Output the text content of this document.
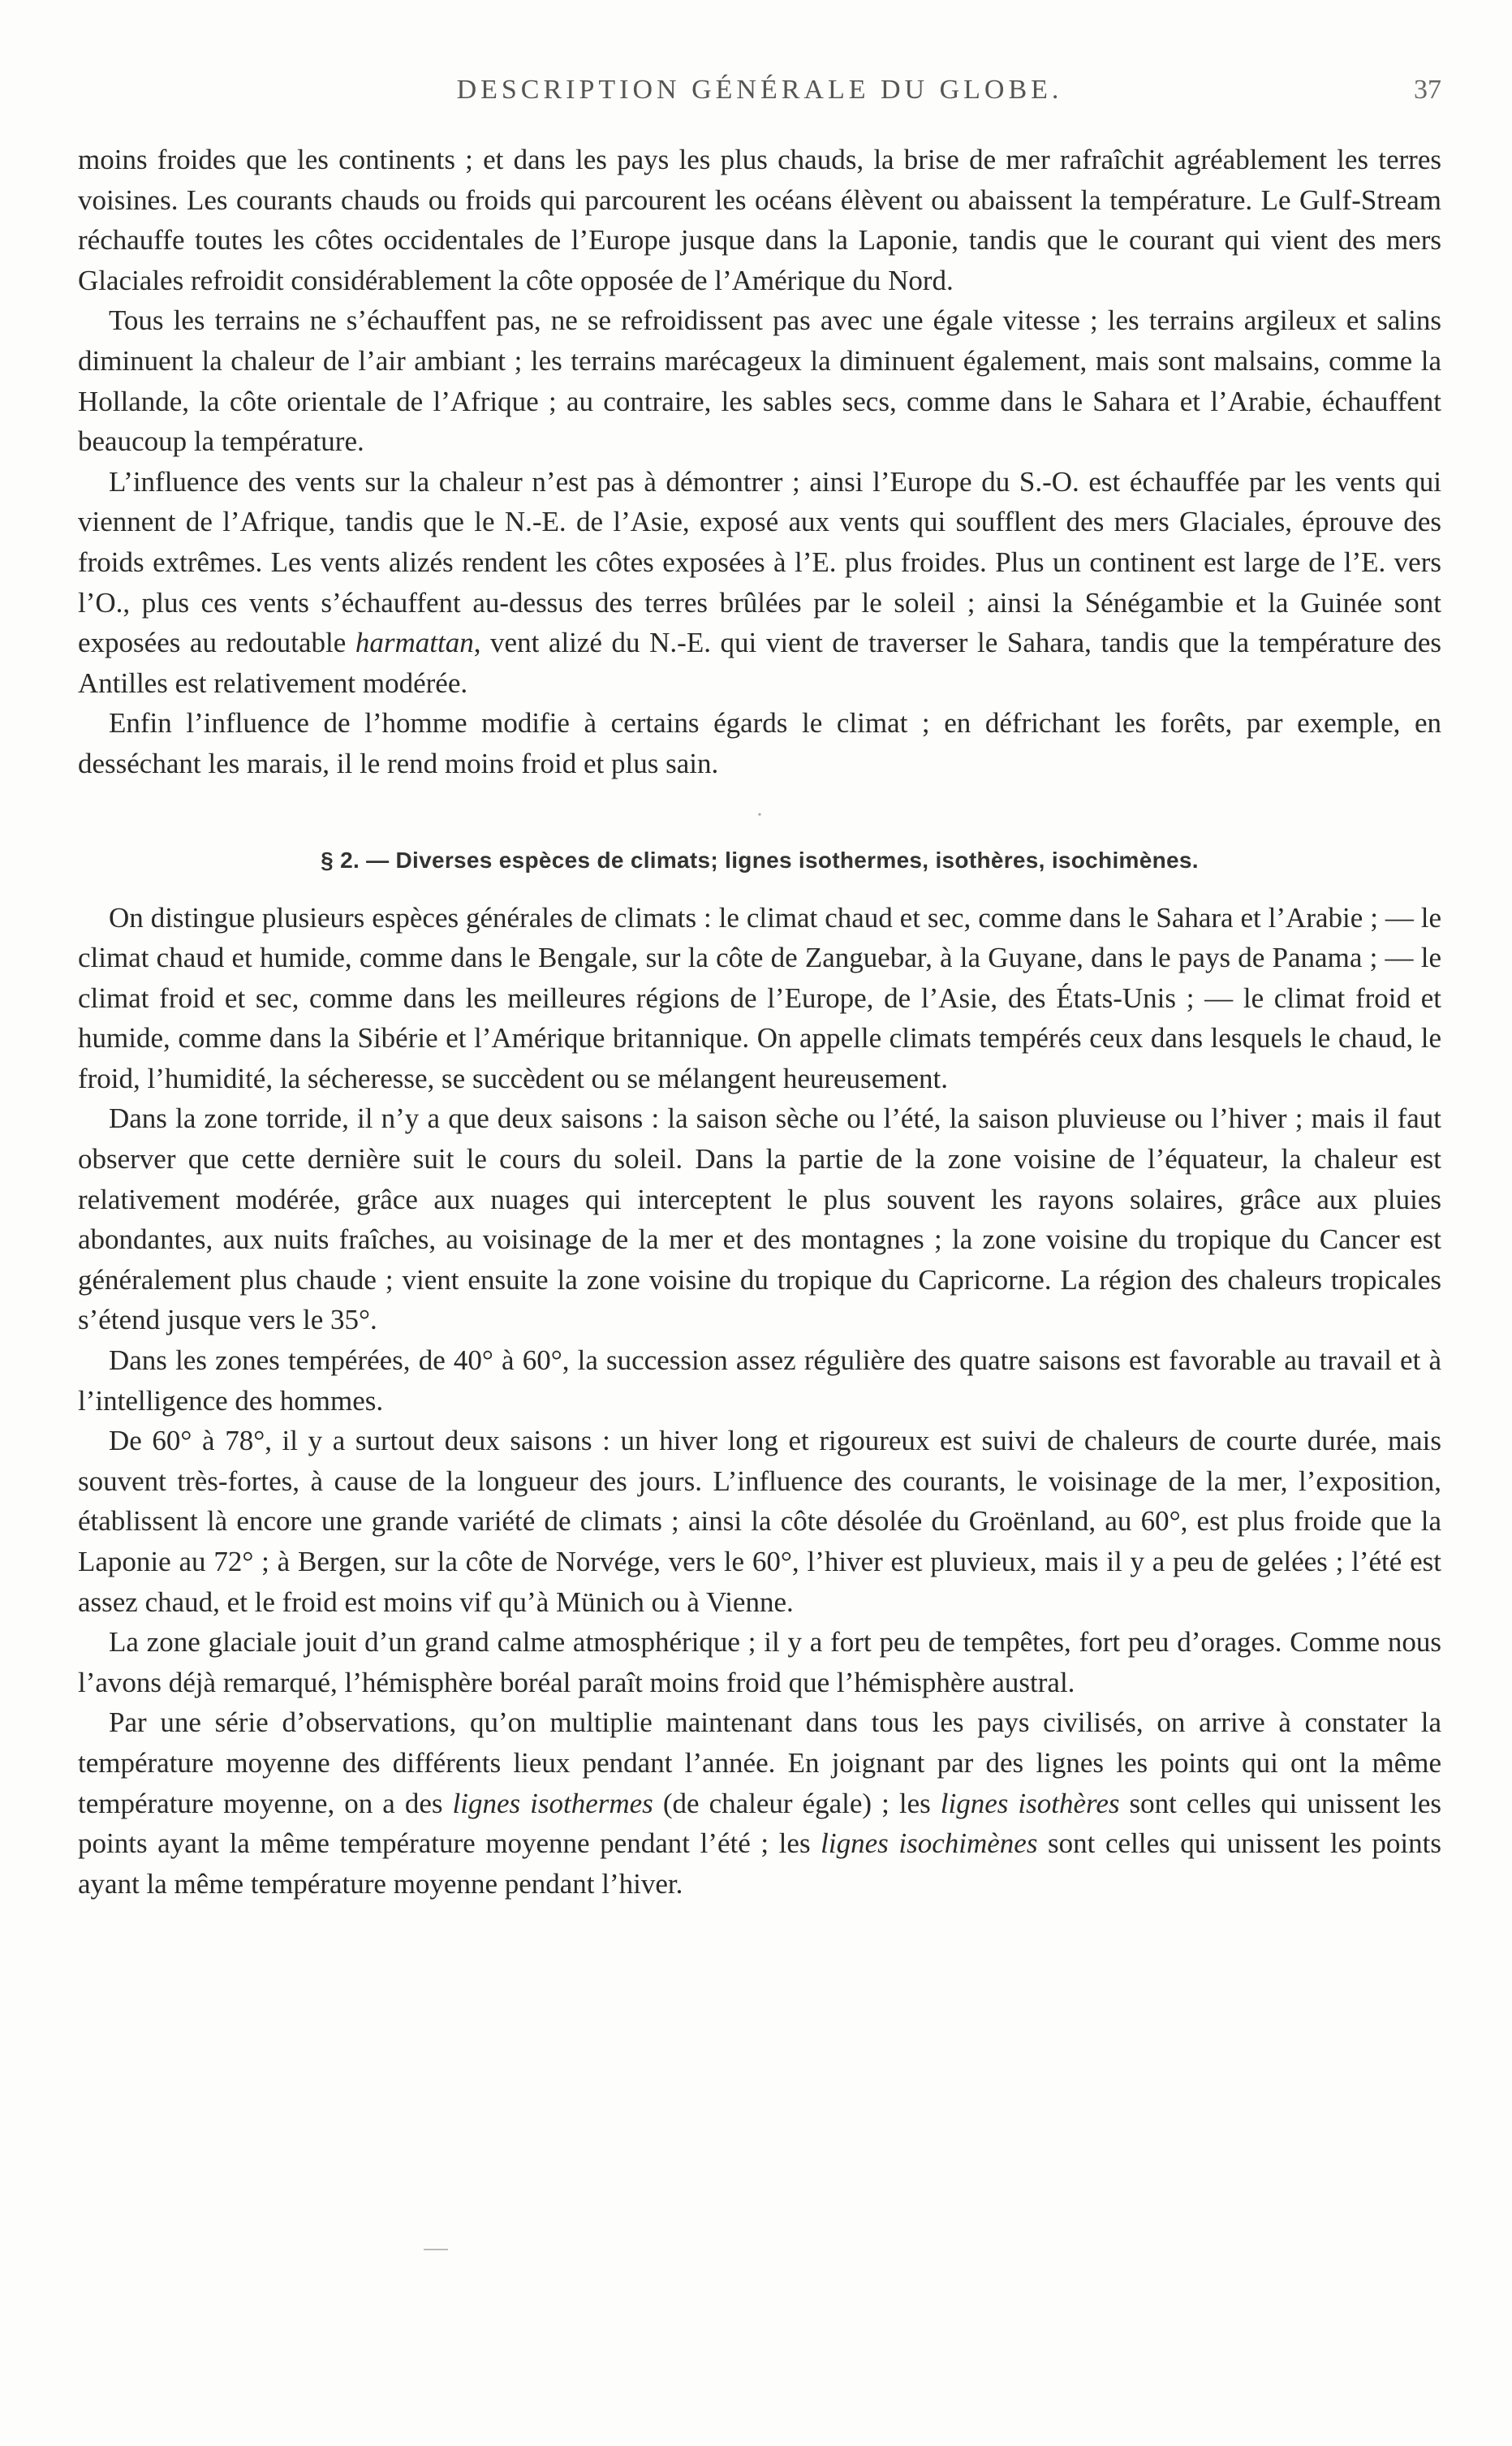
DESCRIPTION GÉNÉRALE DU GLOBE.	37

moins froides que les continents ; et dans les pays les plus chauds, la brise de mer rafraîchit agréablement les terres voisines. Les courants chauds ou froids qui parcourent les océans élèvent ou abaissent la température. Le Gulf-Stream réchauffe toutes les côtes occidentales de l’Europe jusque dans la Laponie, tandis que le courant qui vient des mers Glaciales refroidit considérablement la côte opposée de l’Amérique du Nord.

Tous les terrains ne s’échauffent pas, ne se refroidissent pas avec une égale vitesse ; les terrains argileux et salins diminuent la chaleur de l’air ambiant ; les terrains marécageux la diminuent également, mais sont malsains, comme la Hollande, la côte orientale de l’Afrique ; au contraire, les sables secs, comme dans le Sahara et l’Arabie, échauffent beaucoup la température.

L’influence des vents sur la chaleur n’est pas à démontrer ; ainsi l’Europe du S.-O. est échauffée par les vents qui viennent de l’Afrique, tandis que le N.-E. de l’Asie, exposé aux vents qui soufflent des mers Glaciales, éprouve des froids extrêmes. Les vents alizés rendent les côtes exposées à l’E. plus froides. Plus un continent est large de l’E. vers l’O., plus ces vents s’échauffent au-dessus des terres brûlées par le soleil ; ainsi la Sénégambie et la Guinée sont exposées au redoutable harmattan, vent alizé du N.-E. qui vient de traverser le Sahara, tandis que la température des Antilles est relativement modérée.

Enfin l’influence de l’homme modifie à certains égards le climat ; en défrichant les forêts, par exemple, en desséchant les marais, il le rend moins froid et plus sain.

•

§ 2. — Diverses espèces de climats; lignes isothermes, isothères, isochimènes.

On distingue plusieurs espèces générales de climats : le climat chaud et sec, comme dans le Sahara et l’Arabie ; — le climat chaud et humide, comme dans le Bengale, sur la côte de Zanguebar, à la Guyane, dans le pays de Panama ; — le climat froid et sec, comme dans les meilleures régions de l’Europe, de l’Asie, des États-Unis ; — le climat froid et humide, comme dans la Sibérie et l’Amérique britannique. On appelle climats tempérés ceux dans lesquels le chaud, le froid, l’humidité, la sécheresse, se succèdent ou se mélangent heureusement.

Dans la zone torride, il n’y a que deux saisons : la saison sèche ou l’été, la saison pluvieuse ou l’hiver ; mais il faut observer que cette dernière suit le cours du soleil. Dans la partie de la zone voisine de l’équateur, la chaleur est relativement modérée, grâce aux nuages qui interceptent le plus souvent les rayons solaires, grâce aux pluies abondantes, aux nuits fraîches, au voisinage de la mer et des montagnes ; la zone voisine du tropique du Cancer est généralement plus chaude ; vient ensuite la zone voisine du tropique du Capricorne. La région des chaleurs tropicales s’étend jusque vers le 35°.

Dans les zones tempérées, de 40° à 60°, la succession assez régulière des quatre saisons est favorable au travail et à l’intelligence des hommes.

De 60° à 78°, il y a surtout deux saisons : un hiver long et rigoureux est suivi de chaleurs de courte durée, mais souvent très-fortes, à cause de la longueur des jours. L’influence des courants, le voisinage de la mer, l’exposition, établissent là encore une grande variété de climats ; ainsi la côte désolée du Groënland, au 60°, est plus froide que la Laponie au 72° ; à Bergen, sur la côte de Norvége, vers le 60°, l’hiver est pluvieux, mais il y a peu de gelées ; l’été est assez chaud, et le froid est moins vif qu’à Münich ou à Vienne.

La zone glaciale jouit d’un grand calme atmosphérique ; il y a fort peu de tempêtes, fort peu d’orages. Comme nous l’avons déjà remarqué, l’hémisphère boréal paraît moins froid que l’hémisphère austral.

Par une série d’observations, qu’on multiplie maintenant dans tous les pays civilisés, on arrive à constater la température moyenne des différents lieux pendant l’année. En joignant par des lignes les points qui ont la même température moyenne, on a des lignes isothermes (de chaleur égale) ; les lignes isothères sont celles qui unissent les points ayant la même température moyenne pendant l’été ; les lignes isochimènes sont celles qui unissent les points ayant la même température moyenne pendant l’hiver.
